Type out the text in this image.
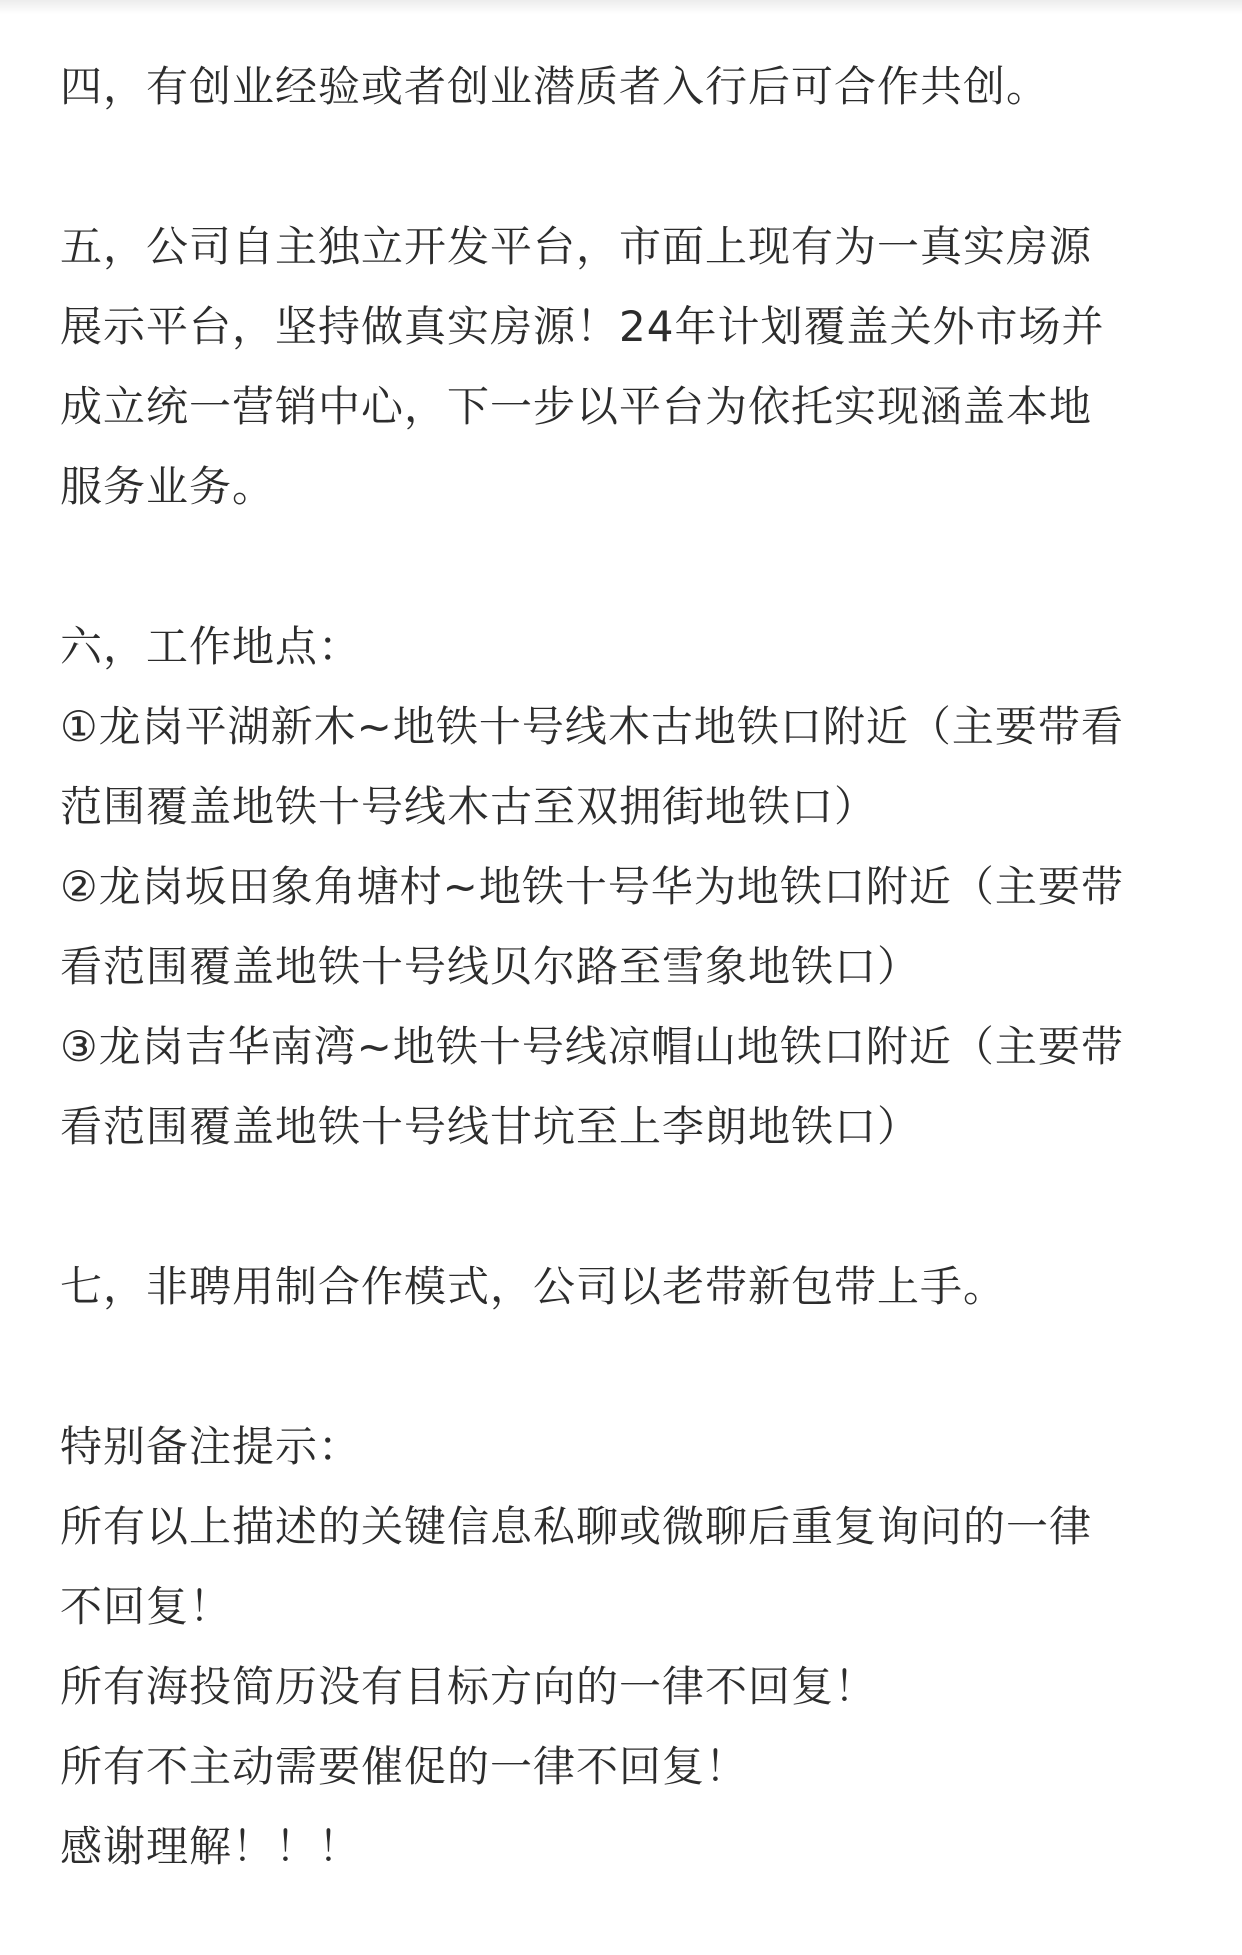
四，有创业经验或者创业潜质者入行后可合作共创。
五，公司自主独立开发平台，市面上现有为一真实房源
展示平台，坚持做真实房源！24年计划覆盖关外市场并
成立统一营销中心，下一步以平台为依托实现涵盖本地
服务业务。
六，工作地点：
①龙岗平湖新木~地铁十号线木古地铁口附近（主要带看
范围覆盖地铁十号线木古至双拥街地铁口）
②龙岗坂田象角塘村~地铁十号华为地铁口附近（主要带
看范围覆盖地铁十号线贝尔路至雪象地铁口）
③龙岗吉华南湾~地铁十号线凉帽山地铁口附近（主要带
看范围覆盖地铁十号线甘坑至上李朗地铁口）
七，非聘用制合作模式，公司以老带新包带上手。
特别备注提示：
所有以上描述的关键信息私聊或微聊后重复询问的一律
不回复！
所有海投简历没有目标方向的一律不回复！
所有不主动需要催促的一律不回复！
感谢理解！！！
